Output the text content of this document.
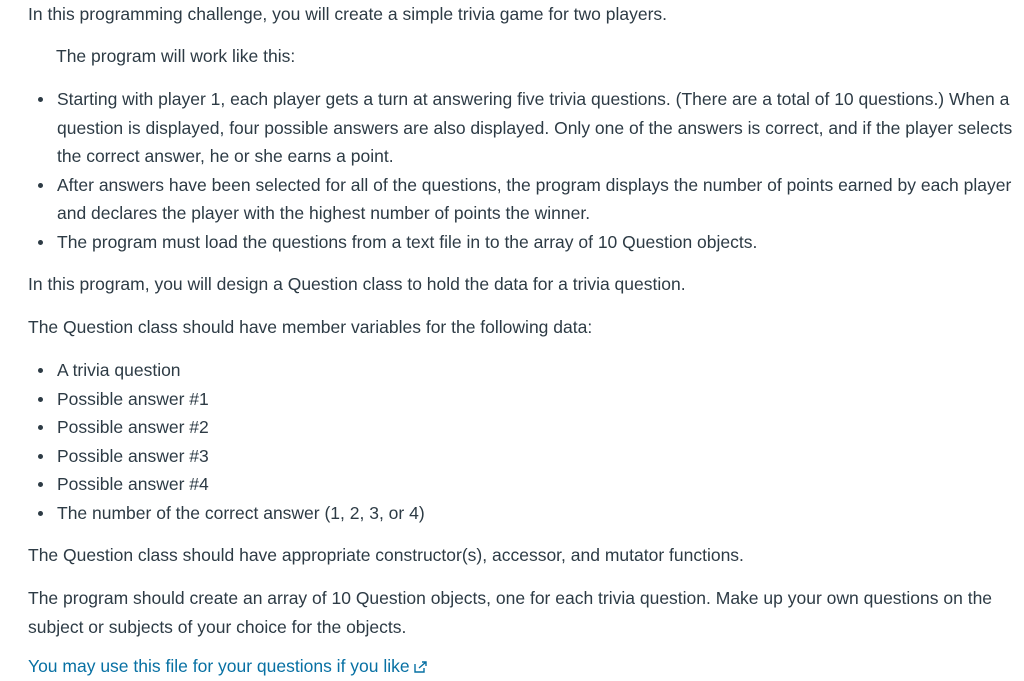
In this programming challenge, you will create a simple trivia game for two players.

The program will work like this:

Starting with player 1, each player gets a turn at answering five trivia questions. (There are a total of 10 questions.) When a question is displayed, four possible answers are also displayed. Only one of the answers is correct, and if the player selects the correct answer, he or she earns a point.
After answers have been selected for all of the questions, the program displays the number of points earned by each player and declares the player with the highest number of points the winner.
The program must load the questions from a text file in to the array of 10 Question objects.

In this program, you will design a Question class to hold the data for a trivia question.

The Question class should have member variables for the following data:

A trivia question
Possible answer #1
Possible answer #2
Possible answer #3
Possible answer #4
The number of the correct answer (1, 2, 3, or 4)

The Question class should have appropriate constructor(s), accessor, and mutator functions.

The program should create an array of 10 Question objects, one for each trivia question. Make up your own questions on the subject or subjects of your choice for the objects.

You may use this file for your questions if you like
